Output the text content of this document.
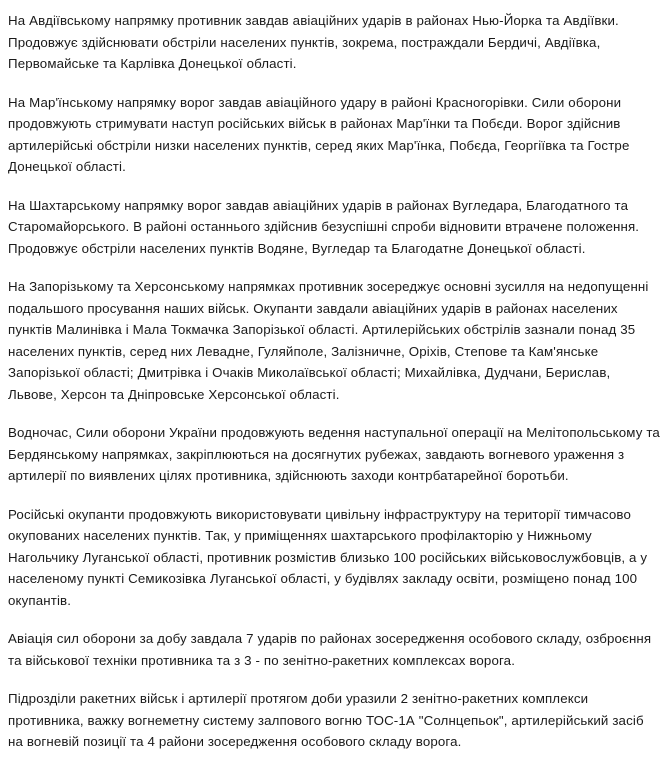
На Авдіївському напрямку противник завдав авіаційних ударів в районах Нью-Йорка та Авдіївки. Продовжує здійснювати обстріли населених пунктів, зокрема, постраждали Бердичі, Авдіївка, Первомайське та Карлівка Донецької області.

На Мар'їнському напрямку ворог завдав авіаційного удару в районі Красногорівки. Сили оборони продовжують стримувати наступ російських військ в районах Мар'їнки та Побєди. Ворог здійснив артилерійські обстріли низки населених пунктів, серед яких Мар'їнка, Побєда, Георгіївка та Гостре Донецької області.

На Шахтарському напрямку ворог завдав авіаційних ударів в районах Вугледара, Благодатного та Старомайорського. В районі останнього здійснив безуспішні спроби відновити втрачене положення. Продовжує обстріли населених пунктів Водяне, Вугледар та Благодатне Донецької області.

На Запорізькому та Херсонському напрямках противник зосереджує основні зусилля на недопущенні подальшого просування наших військ. Окупанти завдали авіаційних ударів в районах населених пунктів Малинівка і Мала Токмачка Запорізької області. Артилерійських обстрілів зазнали понад 35 населених пунктів, серед них Левадне, Гуляйполе, Залізничне, Оріхів, Степове та Кам'янське Запорізької області; Дмитрівка і Очаків Миколаївської області; Михайлівка, Дудчани, Берислав, Львове, Херсон та Дніпровське Херсонської області.

Водночас, Сили оборони України продовжують ведення наступальної операції на Мелітопольському та Бердянському напрямках, закріплюються на досягнутих рубежах, завдають вогневого ураження з артилерії по виявлених цілях противника, здійснюють заходи контрбатарейної боротьби.

Російські окупанти продовжують використовувати цивільну інфраструктуру на території тимчасово окупованих населених пунктів. Так, у приміщеннях шахтарського профілакторію у Нижньому Нагольчику Луганської області, противник розмістив близько 100 російських військовослужбовців, а у населеному пункті Семикозівка Луганської області, у будівлях закладу освіти, розміщено понад 100 окупантів.

Авіація сил оборони за добу завдала 7 ударів по районах зосередження особового складу, озброєння та військової техніки противника та з 3 - по зенітно-ракетних комплексах ворога.

Підрозділи ракетних військ і артилерії протягом доби уразили 2 зенітно-ракетних комплекси противника, важку вогнеметну систему залпового вогню ТОС-1А "Солнцепьок", артилерійський засіб на вогневій позиції та 4 райони зосередження особового складу ворога.
